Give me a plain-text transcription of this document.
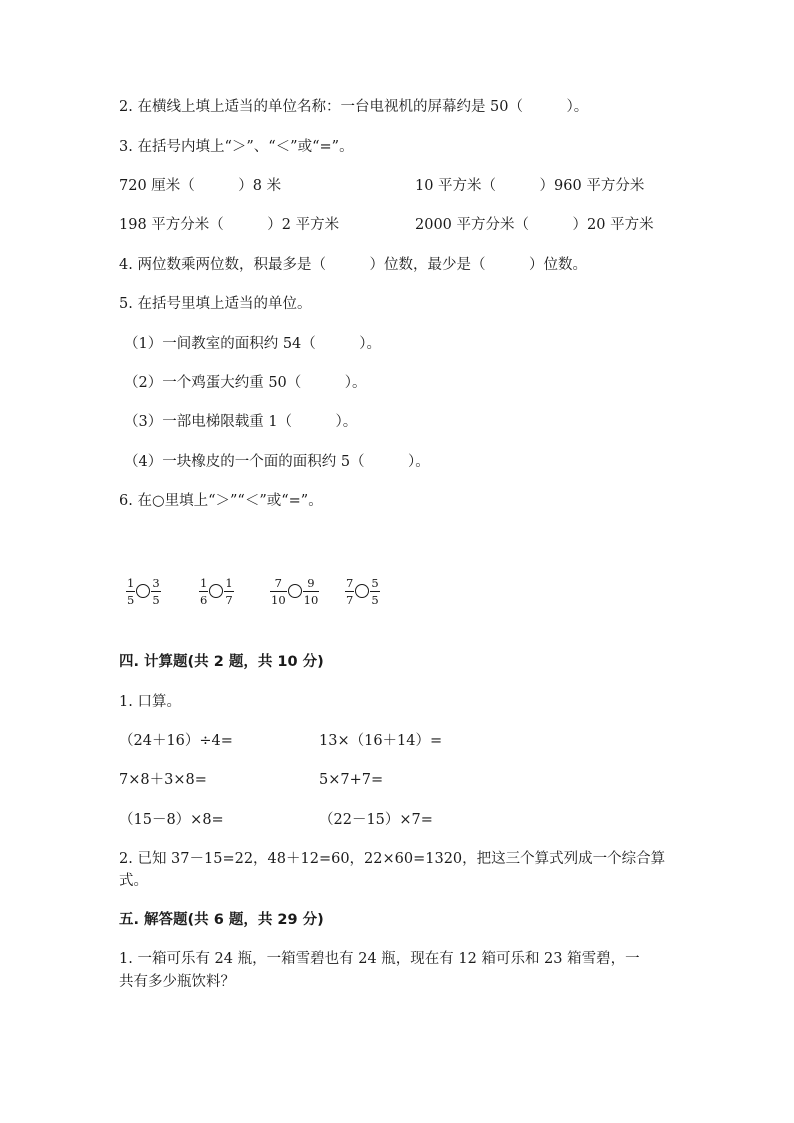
2. 在横线上填上适当的单位名称：一台电视机的屏幕约是 50（　　　）。
3. 在括号内填上“＞”、“＜”或“=”。
720 厘米（　　　）8 米	10 平方米（　　　）960 平方分米
198 平方分米（　　　）2 平方米	2000 平方分米（　　　）20 平方米
4. 两位数乘两位数，积最多是（　　　）位数，最少是（　　　）位数。
5. 在括号里填上适当的单位。
（1）一间教室的面积约 54（　　　）。
（2）一个鸡蛋大约重 50（　　　）。
（3）一部电梯限载重 1（　　　）。
（4）一块橡皮的一个面的面积约 5（　　　）。
6. 在○里填上“＞”“＜”或“=”。
$\frac{1}{5} \frac{3}{5}$	$\frac{1}{6} \frac{1}{7}$	$\frac{7}{10} \frac{9}{10} \frac{7}{7} \frac{5}{5}$
四. 计算题(共 2 题，共 10 分)
1. 口算。
（24＋16）÷4=	13×（16＋14）=
7×8＋3×8=	5×7+7=
（15－8）×8=	（22－15）×7=
2. 已知 37－15=22，48＋12=60，22×60=1320，把这三个算式列成一个综合算
式。
五. 解答题(共 6 题，共 29 分)
1. 一箱可乐有 24 瓶，一箱雪碧也有 24 瓶，现在有 12 箱可乐和 23 箱雪碧，一
共有多少瓶饮料？
